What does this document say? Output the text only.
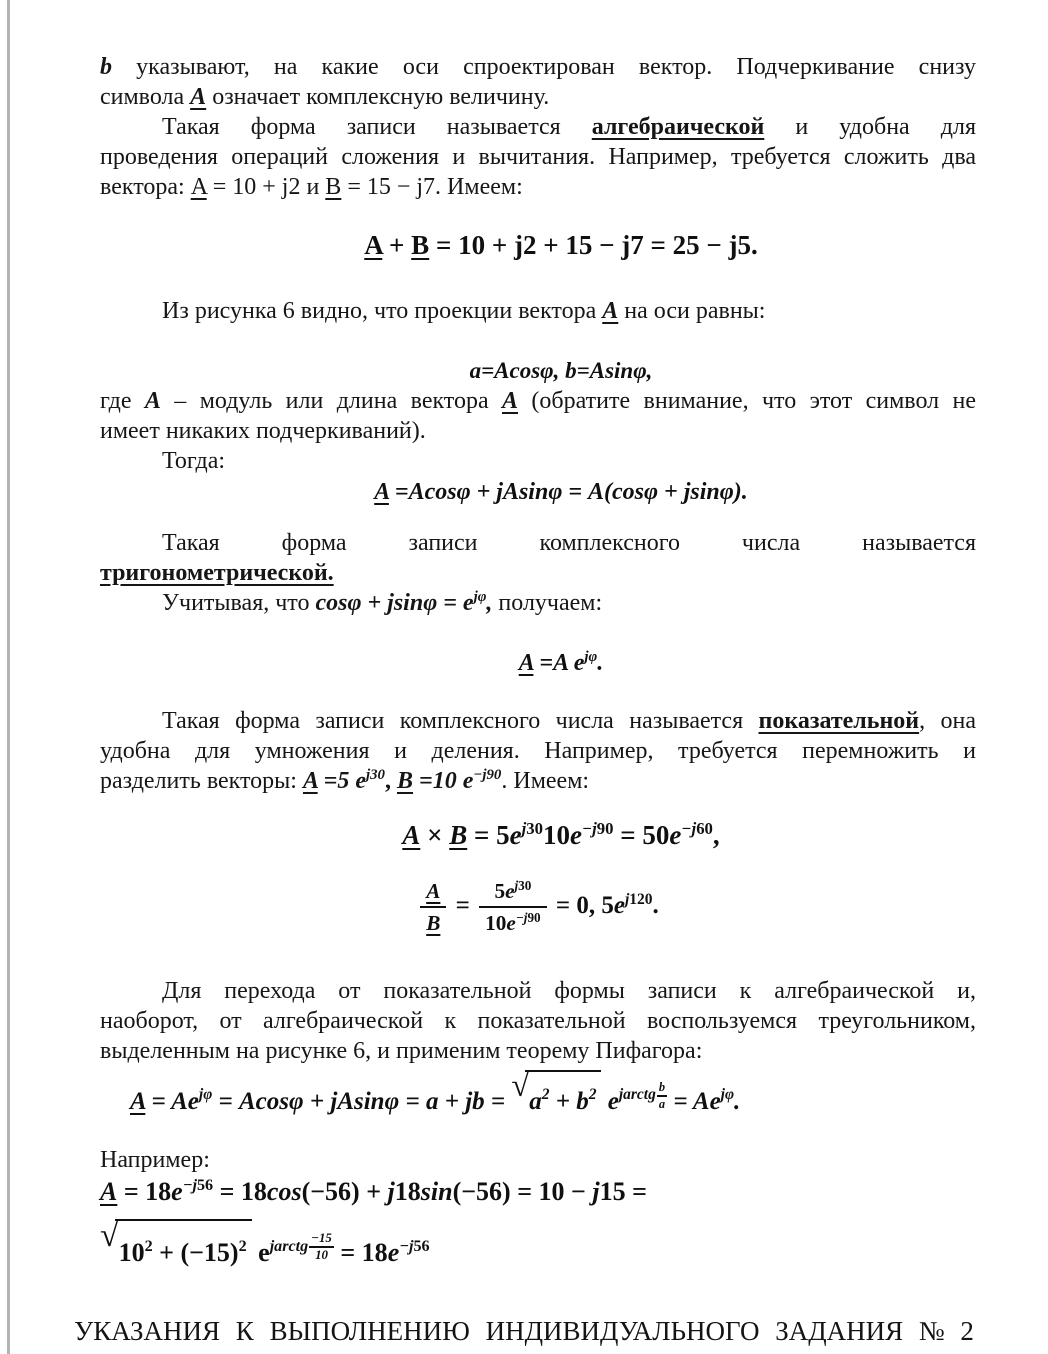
b указывают, на какие оси спроектирован вектор. Подчеркивание снизу
символа A означает комплексную величину.
Такая форма записи называется алгебраической и удобна для
проведения операций сложения и вычитания. Например, требуется сложить два
вектора: A = 10 + j2 и B = 15 − j7. Имеем:
A + B = 10 + j2 + 15 − j7 = 25 − j5.
Из рисунка 6 видно, что проекции вектора A на оси равны:
a=Acosφ, b=Asinφ,
где A – модуль или длина вектора A (обратите внимание, что этот символ не
имеет никаких подчеркиваний).
Тогда:
A =Acosφ + jAsinφ = A(cosφ + jsinφ).
Такая форма записи комплексного числа называется
тригонометрической.
Учитывая, что $\cos\varphi + jsin\varphi = e^{j\varphi}$, получаем:
A =A $e^{j\varphi}$.
Такая форма записи комплексного числа называется показательной, она
удобна для умножения и деления. Например, требуется перемножить и
разделить векторы: A =5 $e^{j30}$, B =10 $e^{-j90}$. Имеем:
$A \times B = 5e^{j30}10e^{-j90} = 50e^{-j60}$,
$\frac{A}{B} = \frac{5e^{j30}}{10e^{-j90}} = 0$, $5e^{j120}$.
Для перехода от показательной формы записи к алгебраической и,
наоборот, от алгебраической к показательной воспользуемся треугольником,
выделенным на рисунке 6, и применим теорему Пифагора:
$A = Ae^{j\varphi} = Acos\varphi + jAsin\varphi = a$ + jb = $√a^2 + b^2$ $e^{jarctg \frac{b}{a}} = Ae^{j\varphi}$.
Например:
$A = 18e^{-j56} = 18\cos(-56) + j18\sin(-56) = 10 - j15$ =
$√10^2 + (-15)^2$ $e^{jarctg \frac{-15}{10}} = 18e^{-j56}$
УКАЗАНИЯ К ВЫПОЛНЕНИЮ ИНДИВИДУАЛЬНОГО ЗАДАНИЯ № 2
